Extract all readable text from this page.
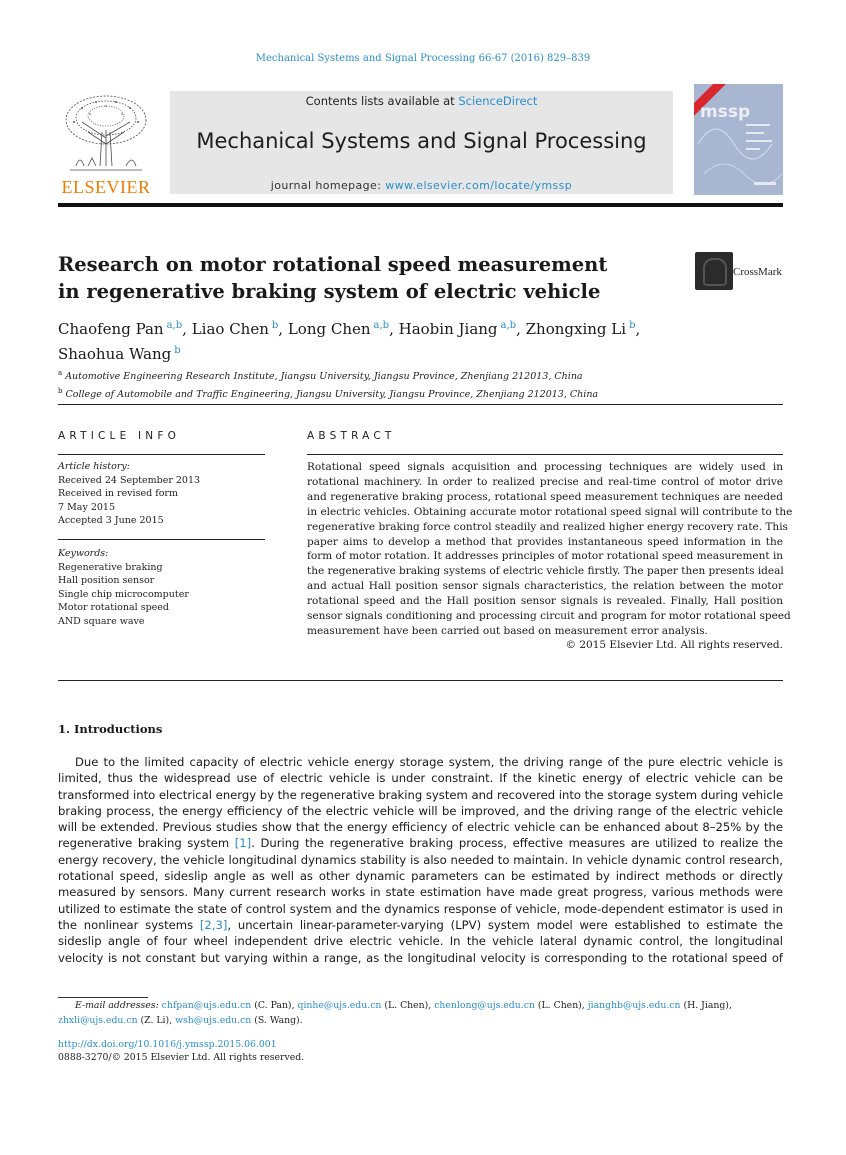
Mechanical Systems and Signal Processing 66-67 (2016) 829–839
ELSEVIER
Contents lists available at ScienceDirect
Mechanical Systems and Signal Processing
journal homepage: www.elsevier.com/locate/ymssp
mssp
Research on motor rotational speed measurement
in regenerative braking system of electric vehicle
CrossMark
Chaofeng Pan $^{a,b}$, Liao Chen $^b$, Long Chen $^{a,b}$, Haobin Jiang $^{a,b}$, Zhongxing Li $^b$,
Shaohua Wang $^b$
$^a$ Automotive Engineering Research Institute, Jiangsu University, Jiangsu Province, Zhenjiang 212013, China
$^b$ College of Automobile and Traffic Engineering, Jiangsu University, Jiangsu Province, Zhenjiang 212013, China
ARTICLE INFO
Article history:
Received 24 September 2013
Received in revised form
7 May 2015
Accepted 3 June 2015
Keywords:
Regenerative braking
Hall position sensor
Single chip microcomputer
Motor rotational speed
AND square wave
ABSTRACT
Rotational speed signals acquisition and processing techniques are widely used in
rotational machinery. In order to realized precise and real-time control of motor drive
and regenerative braking process, rotational speed measurement techniques are needed
in electric vehicles. Obtaining accurate motor rotational speed signal will contribute to the
regenerative braking force control steadily and realized higher energy recovery rate. This
paper aims to develop a method that provides instantaneous speed information in the
form of motor rotation. It addresses principles of motor rotational speed measurement in
the regenerative braking systems of electric vehicle firstly. The paper then presents ideal
and actual Hall position sensor signals characteristics, the relation between the motor
rotational speed and the Hall position sensor signals is revealed. Finally, Hall position
sensor signals conditioning and processing circuit and program for motor rotational speed
measurement have been carried out based on measurement error analysis.
© 2015 Elsevier Ltd. All rights reserved.
1. Introductions
Due to the limited capacity of electric vehicle energy storage system, the driving range of the pure electric vehicle is
limited, thus the widespread use of electric vehicle is under constraint. If the kinetic energy of electric vehicle can be
transformed into electrical energy by the regenerative braking system and recovered into the storage system during vehicle
braking process, the energy efficiency of the electric vehicle will be improved, and the driving range of the electric vehicle
will be extended. Previous studies show that the energy efficiency of electric vehicle can be enhanced about 8–25% by the
regenerative braking system [1]. During the regenerative braking process, effective measures are utilized to realize the
energy recovery, the vehicle longitudinal dynamics stability is also needed to maintain. In vehicle dynamic control research,
rotational speed, sideslip angle as well as other dynamic parameters can be estimated by indirect methods or directly
measured by sensors. Many current research works in state estimation have made great progress, various methods were
utilized to estimate the state of control system and the dynamics response of vehicle, mode-dependent estimator is used in
the nonlinear systems [2,3], uncertain linear-parameter-varying (LPV) system model were established to estimate the
sideslip angle of four wheel independent drive electric vehicle. In the vehicle lateral dynamic control, the longitudinal
velocity is not constant but varying within a range, as the longitudinal velocity is corresponding to the rotational speed of
E-mail addresses: chfpan@ujs.edu.cn (C. Pan), qinhe@ujs.edu.cn (L. Chen), chenlong@ujs.edu.cn (L. Chen), jianghb@ujs.edu.cn (H. Jiang),
zhxli@ujs.edu.cn (Z. Li), wsh@ujs.edu.cn (S. Wang).
http://dx.doi.org/10.1016/j.ymssp.2015.06.001
0888-3270/© 2015 Elsevier Ltd. All rights reserved.
